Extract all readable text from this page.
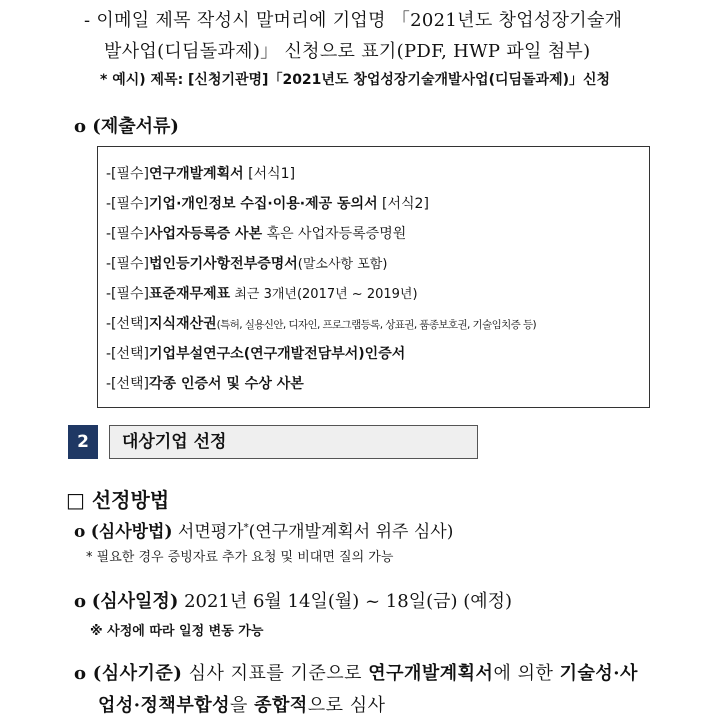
- 이메일 제목 작성시 말머리에 기업명 「2021년도 창업성장기술개
발사업(디딤돌과제)」 신청으로 표기(PDF, HWP 파일 첨부)
* 예시) 제목: [신청기관명]「2021년도 창업성장기술개발사업(디딤돌과제)」신청
o (제출서류)
-[필수]연구개발계획서 [서식1]
-[필수]기업·개인정보 수집·이용·제공 동의서 [서식2]
-[필수]사업자등록증 사본 혹은 사업자등록증명원
-[필수]법인등기사항전부증명서(말소사항 포함)
-[필수]표준재무제표 최근 3개년(2017년 ~ 2019년)
-[선택]지식재산권(특허, 실용신안, 디자인, 프로그램등록, 상표권, 품종보호권, 기술임치증 등)
-[선택]기업부설연구소(연구개발전담부서)인증서
-[선택]각종 인증서 및 수상 사본
2	대상기업 선정
□ 선정방법
o (심사방법) 서면평가*(연구개발계획서 위주 심사)
* 필요한 경우 증빙자료 추가 요청 및 비대면 질의 가능
o (심사일정) 2021년 6월 14일(월) ~ 18일(금) (예정)
※ 사정에 따라 일정 변동 가능
o (심사기준) 심사 지표를 기준으로 연구개발계획서에 의한 기술성·사
업성·정책부합성을 종합적으로 심사
